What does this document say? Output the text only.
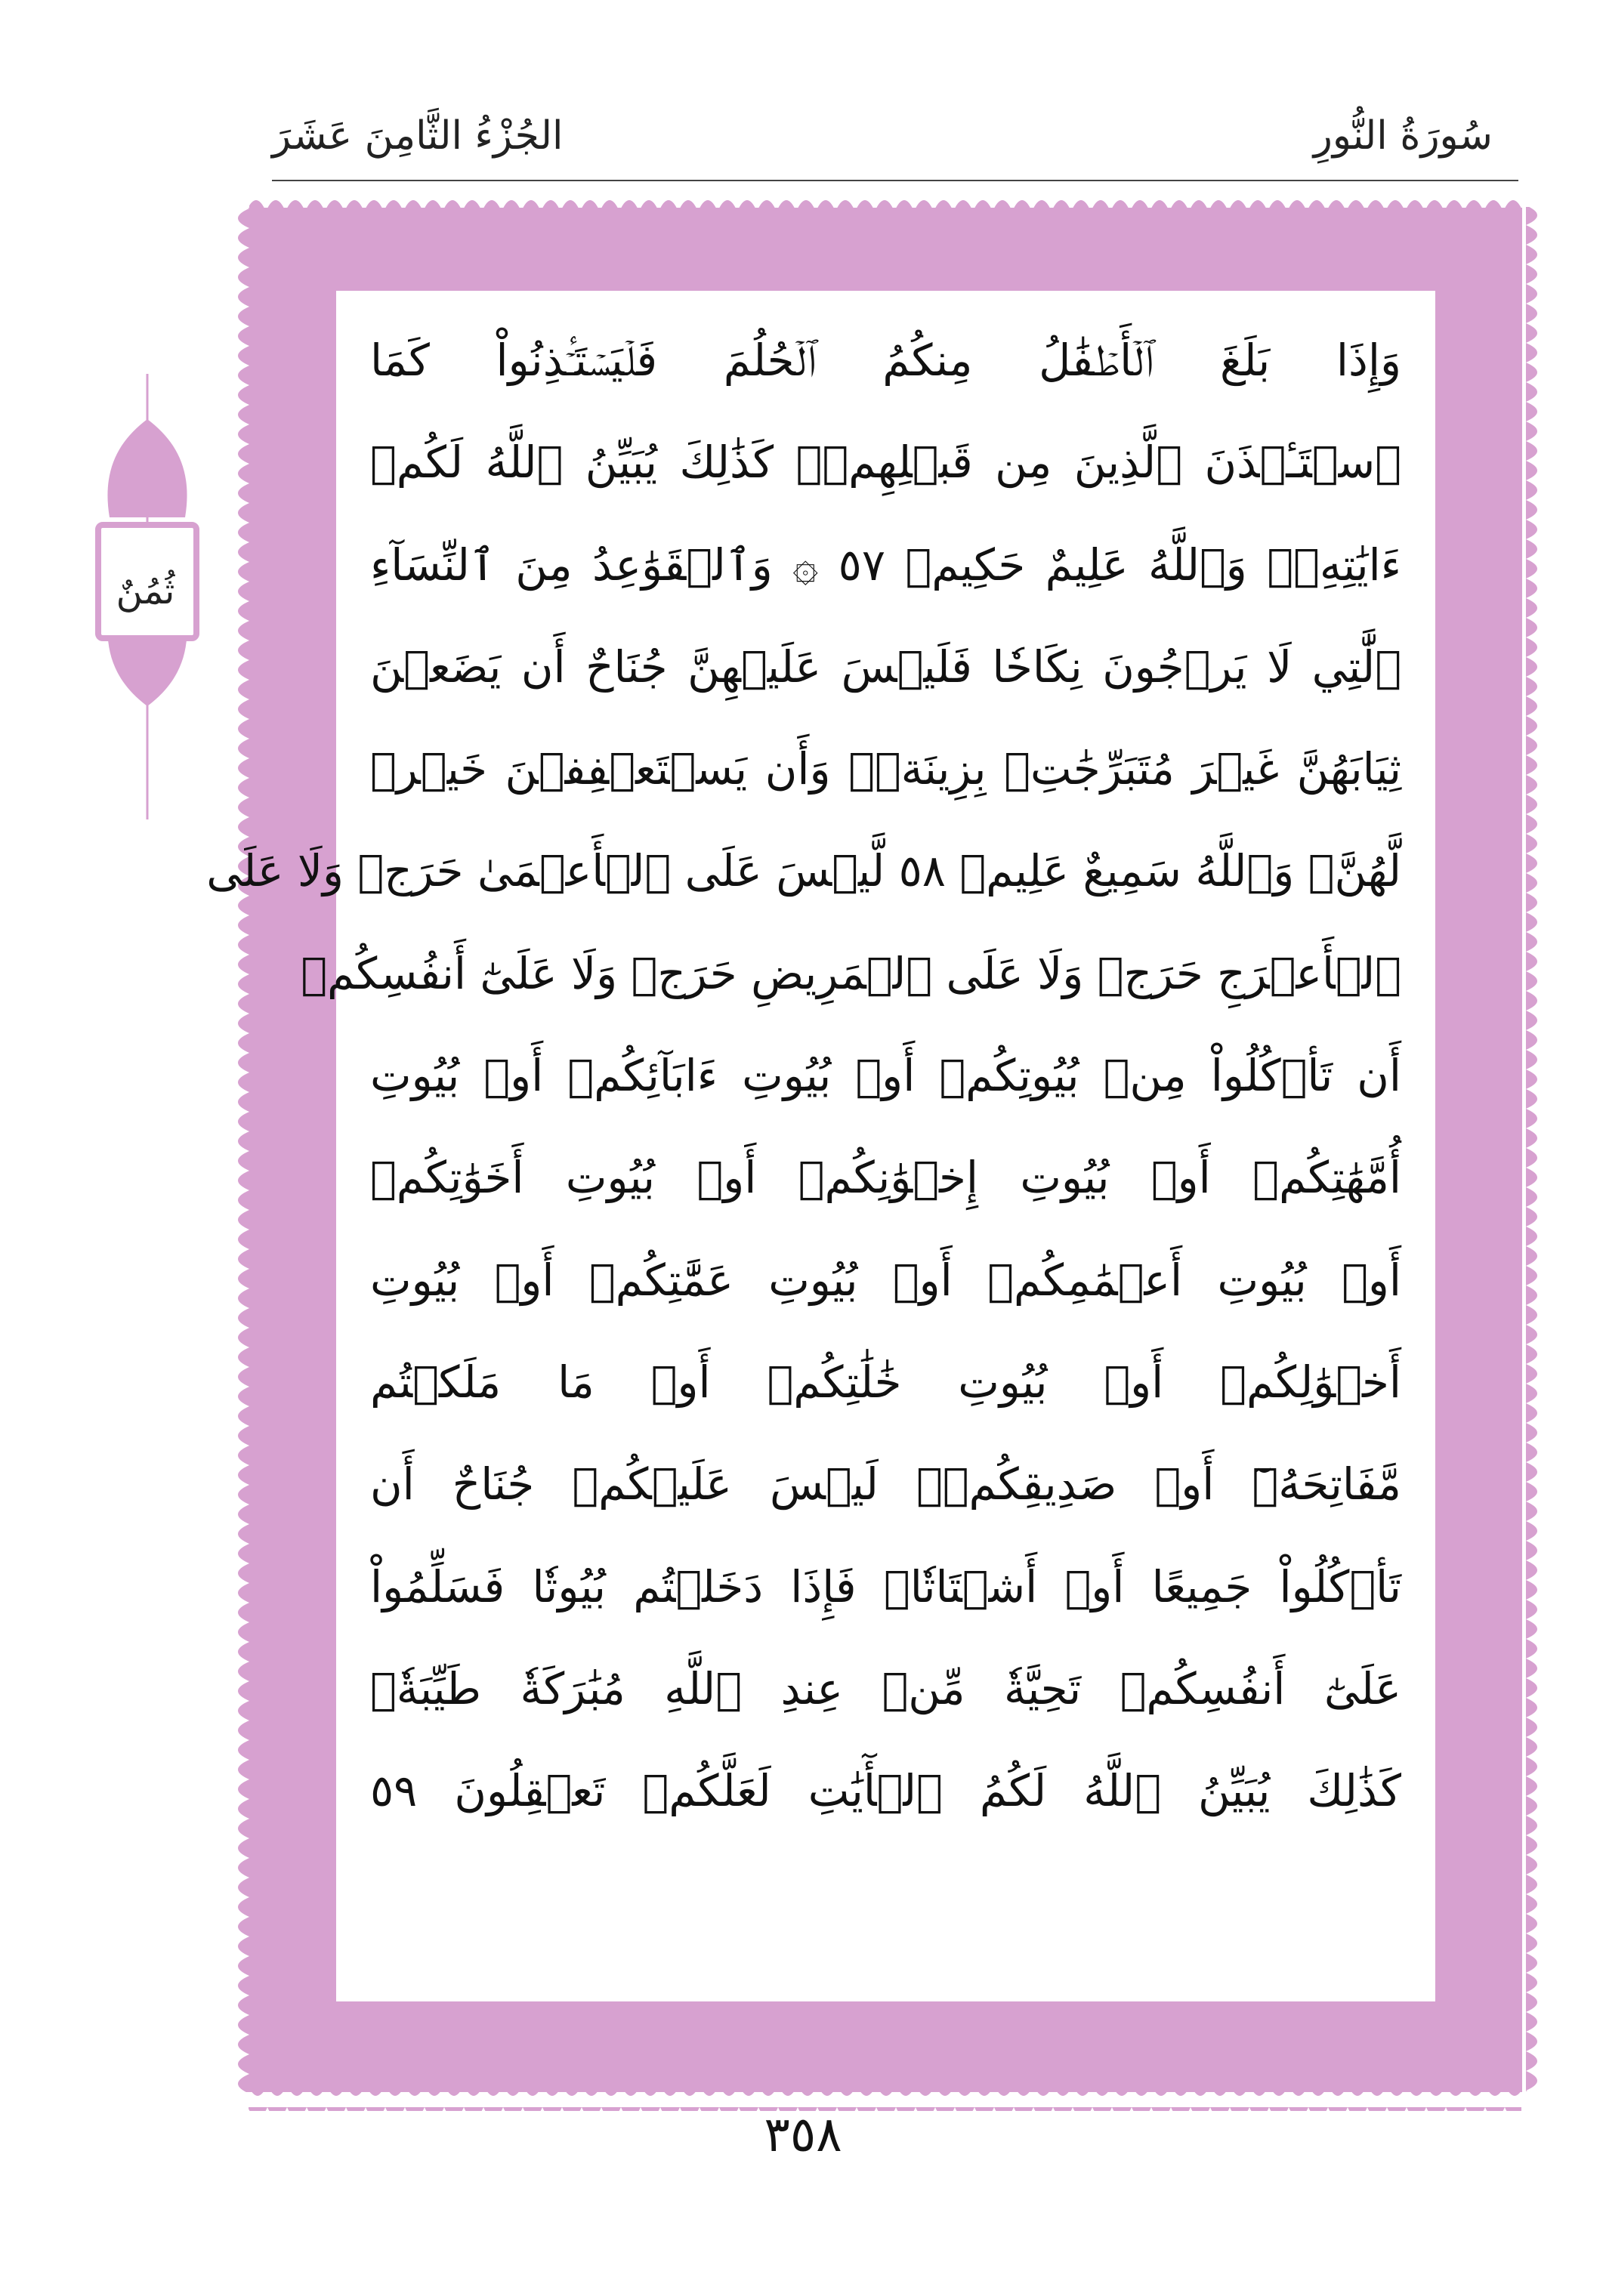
سُورَةُ النُّورِ
الجُزْءُ الثَّامِنَ عَشَرَ
وَإِذَا بَلَغَ ٱلۡأَطۡفَٰلُ مِنكُمُ ٱلۡحُلُمَ فَلۡيَسۡتَـٔۡذِنُواْ كَمَا
ٱسۡتَـٔۡذَنَ ٱلَّذِينَ مِن قَبۡلِهِمۡۚ كَذَٰلِكَ يُبَيِّنُ ٱللَّهُ لَكُمۡ
ءَايَٰتِهِۦۗ وَٱللَّهُ عَلِيمٌ حَكِيمٞ ٥٧ ۞ وَٱلۡقَوَٰعِدُ مِنَ ٱلنِّسَآءِ
ٱلَّٰتِي لَا يَرۡجُونَ نِكَاحٗا فَلَيۡسَ عَلَيۡهِنَّ جُنَاحٌ أَن يَضَعۡنَ
ثِيَابَهُنَّ غَيۡرَ مُتَبَرِّجَٰتِۭ بِزِينَةٖۖ وَأَن يَسۡتَعۡفِفۡنَ خَيۡرٞ
لَّهُنَّۗ وَٱللَّهُ سَمِيعٌ عَلِيمٞ ٥٨ لَّيۡسَ عَلَى ٱلۡأَعۡمَىٰ حَرَجٞ وَلَا عَلَى
ٱلۡأَعۡرَجِ حَرَجٞ وَلَا عَلَى ٱلۡمَرِيضِ حَرَجٞ وَلَا عَلَىٰٓ أَنفُسِكُمۡ
أَن تَأۡكُلُواْ مِنۢ بُيُوتِكُمۡ أَوۡ بُيُوتِ ءَابَآئِكُمۡ أَوۡ بُيُوتِ
أُمَّهَٰتِكُمۡ أَوۡ بُيُوتِ إِخۡوَٰنِكُمۡ أَوۡ بُيُوتِ أَخَوَٰتِكُمۡ
أَوۡ بُيُوتِ أَعۡمَٰمِكُمۡ أَوۡ بُيُوتِ عَمَّٰتِكُمۡ أَوۡ بُيُوتِ
أَخۡوَٰلِكُمۡ أَوۡ بُيُوتِ خَٰلَٰتِكُمۡ أَوۡ مَا مَلَكۡتُم
مَّفَاتِحَهُۥٓ أَوۡ صَدِيقِكُمۡۚ لَيۡسَ عَلَيۡكُمۡ جُنَاحٌ أَن
تَأۡكُلُواْ جَمِيعًا أَوۡ أَشۡتَاتٗاۚ فَإِذَا دَخَلۡتُم بُيُوتٗا فَسَلِّمُواْ
عَلَىٰٓ أَنفُسِكُمۡ تَحِيَّةٗ مِّنۡ عِندِ ٱللَّهِ مُبَٰرَكَةٗ طَيِّبَةٗۚ
كَذَٰلِكَ يُبَيِّنُ ٱللَّهُ لَكُمُ ٱلۡأٓيَٰتِ لَعَلَّكُمۡ تَعۡقِلُونَ ٥٩
ثُمُنٌ
٣٥٨
